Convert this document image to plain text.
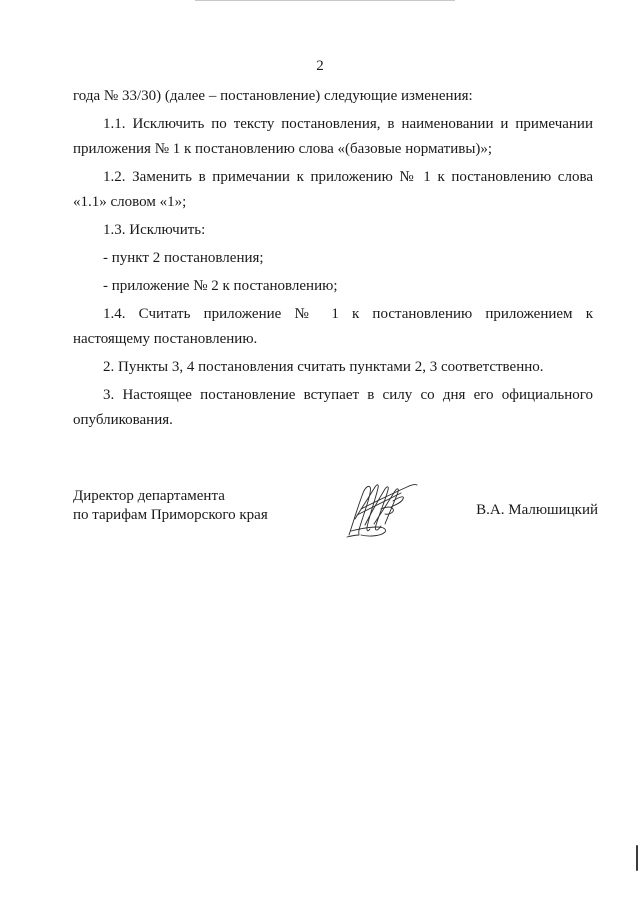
2

года № 33/30) (далее – постановление) следующие изменения:

1.1. Исключить по тексту постановления, в наименовании и примечании
приложения № 1 к постановлению слова «(базовые нормативы)»;

1.2. Заменить в примечании к приложению № 1 к постановлению слова
«1.1» словом «1»;

1.3. Исключить:

- пункт 2 постановления;

- приложение № 2 к постановлению;

1.4. Считать приложение № 1 к постановлению приложением к
настоящему постановлению.

2. Пункты 3, 4 постановления считать пунктами 2, 3 соответственно.

3. Настоящее постановление вступает в силу со дня его официального
опубликования.

Директор департамента
по тарифам Приморского края	В.А. Малюшицкий
